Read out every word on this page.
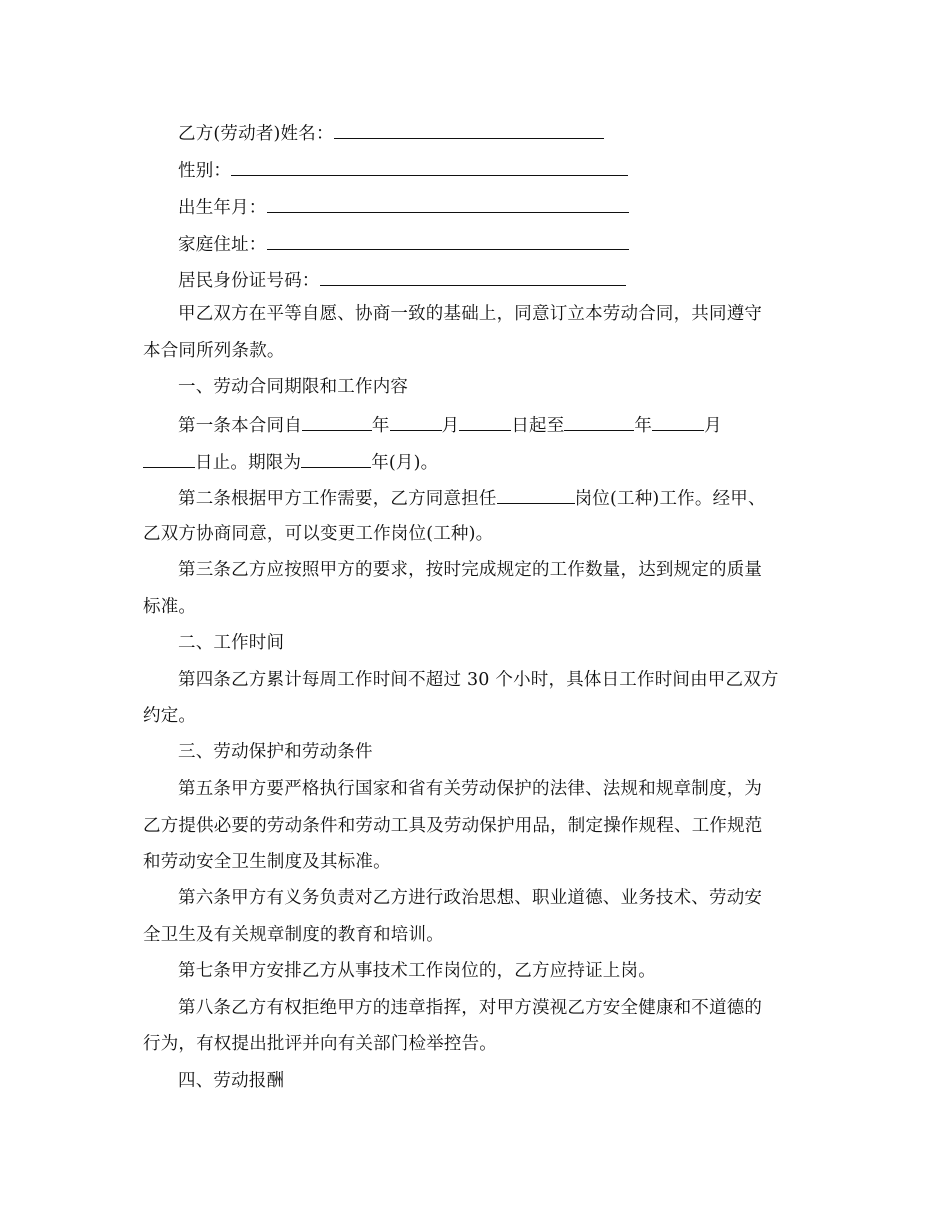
乙方(劳动者)姓名：
性别：
出生年月：
家庭住址：
居民身份证号码：
甲乙双方在平等自愿、协商一致的基础上，同意订立本劳动合同，共同遵守
本合同所列条款。
一、劳动合同期限和工作内容
第一条本合同自	年	月	日起至	年	月
日止。期限为	年(月)。
第二条根据甲方工作需要，乙方同意担任	岗位(工种)工作。经甲、
乙双方协商同意，可以变更工作岗位(工种)。
第三条乙方应按照甲方的要求，按时完成规定的工作数量，达到规定的质量
标准。
二、工作时间
第四条乙方累计每周工作时间不超过 30 个小时，具体日工作时间由甲乙双方
约定。
三、劳动保护和劳动条件
第五条甲方要严格执行国家和省有关劳动保护的法律、法规和规章制度，为
乙方提供必要的劳动条件和劳动工具及劳动保护用品，制定操作规程、工作规范
和劳动安全卫生制度及其标准。
第六条甲方有义务负责对乙方进行政治思想、职业道德、业务技术、劳动安
全卫生及有关规章制度的教育和培训。
第七条甲方安排乙方从事技术工作岗位的，乙方应持证上岗。
第八条乙方有权拒绝甲方的违章指挥，对甲方漠视乙方安全健康和不道德的
行为，有权提出批评并向有关部门检举控告。
四、劳动报酬
